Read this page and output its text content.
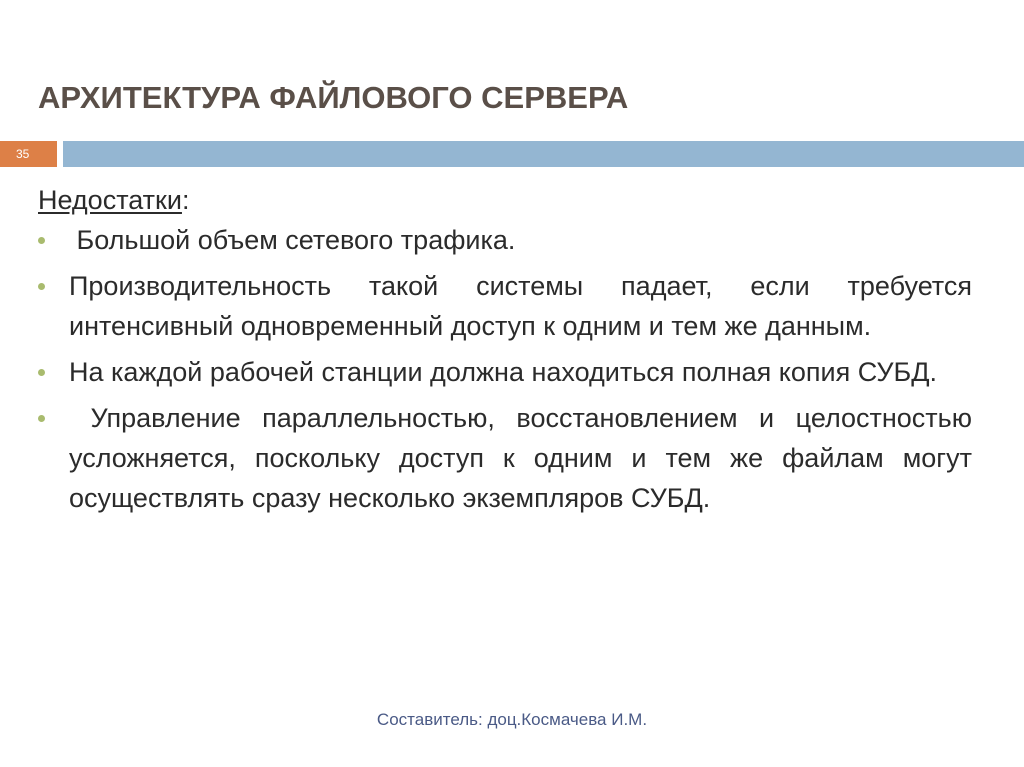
АРХИТЕКТУРА ФАЙЛОВОГО СЕРВЕРА
35
Недостатки:
Большой объем сетевого трафика.
Производительность такой системы падает, если требуется интенсивный одновременный доступ к одним и тем же данным.
На каждой рабочей станции должна находиться полная копия СУБД.
Управление параллельностью, восстановлением и целостностью усложняется, поскольку доступ к одним и тем же файлам могут осуществлять сразу несколько экземпляров СУБД.
Составитель: доц.Космачева И.М.
